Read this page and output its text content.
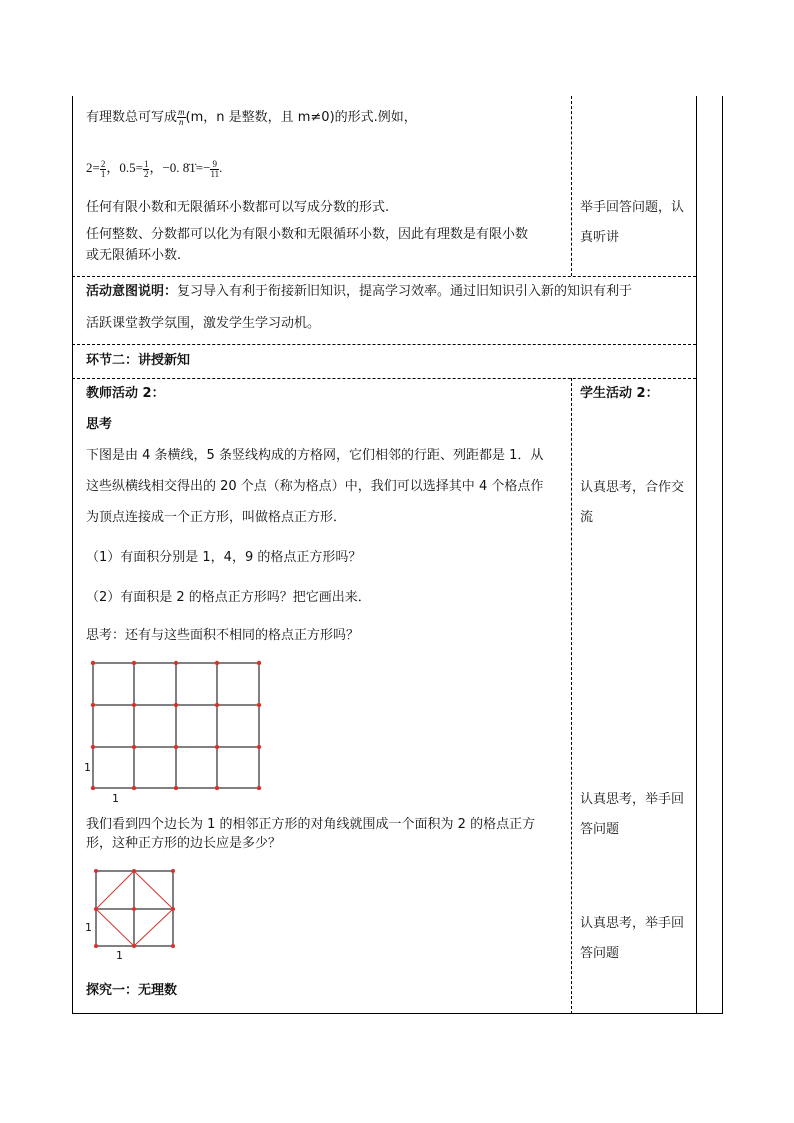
有理数总可写成 $\frac{m}{n} (m$，n 是整数，且 m≠0)的形式.例如，
$2= \frac{2}{1}$ ，$0.5= \frac{1}{2}$ ，−0. 8̇1̇=− $\frac{9}{11}$ .
任何有限小数和无限循环小数都可以写成分数的形式.
任何整数、分数都可以化为有限小数和无限循环小数，因此有理数是有限小数
或无限循环小数.
举手回答问题，认
真听讲
活动意图说明：复习导入有利于衔接新旧知识，提高学习效率。通过旧知识引入新的知识有利于
活跃课堂教学氛围，激发学生学习动机。
环节二：讲授新知
教师活动 2：	学生活动 2：
思考
下图是由 4 条横线，5 条竖线构成的方格网，它们相邻的行距、列距都是 1．从
这些纵横线相交得出的 20 个点（称为格点）中，我们可以选择其中 4 个格点作
为顶点连接成一个正方形，叫做格点正方形．
（1）有面积分别是 1，4，9 的格点正方形吗？
（2）有面积是 2 的格点正方形吗？把它画出来．
思考：还有与这些面积不相同的格点正方形吗？
认真思考，合作交
流
1
1	认真思考，举手回
答问题
我们看到四个边长为 1 的相邻正方形的对角线就围成一个面积为 2 的格点正方
形，这种正方形的边长应是多少？
1
1
认真思考，举手回
答问题
探究一：无理数
